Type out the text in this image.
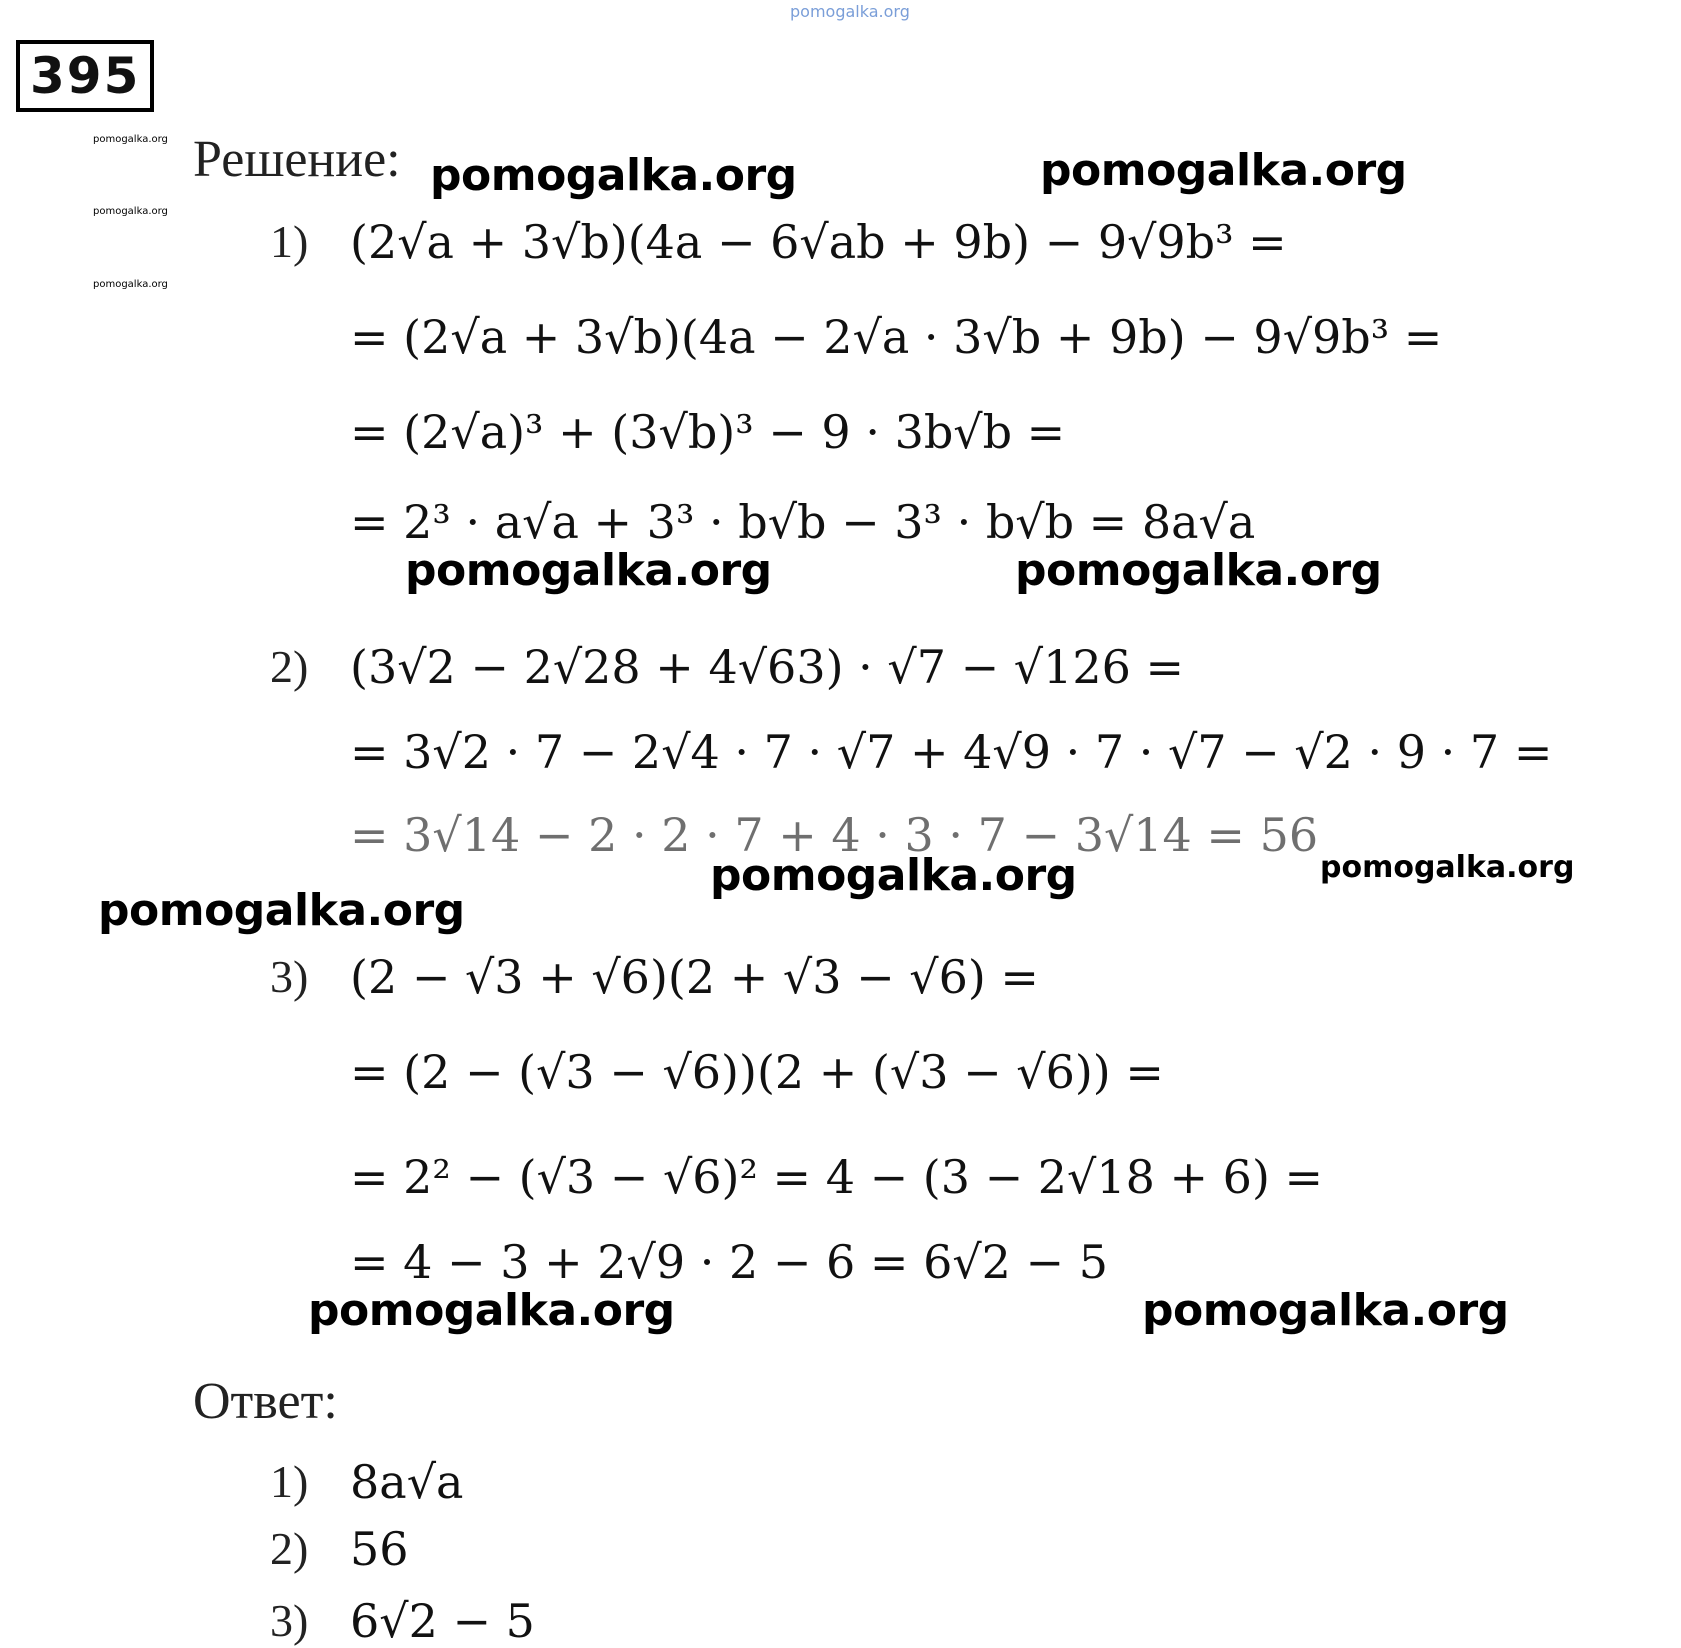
pomogalka.org
395
pomogalka.org
pomogalka.org
pomogalka.org
Решение:
1) (2√a + 3√b)(4a − 6√ab + 9b) − 9√9b³ =
= (2√a + 3√b)(4a − 2√a · 3√b + 9b) − 9√9b³ =
= (2√a)³ + (3√b)³ − 9 · 3b√b =
= 2³ · a√a + 3³ · b√b − 3³ · b√b = 8a√a
2) (3√2 − 2√28 + 4√63) · √7 − √126 =
= 3√2 · 7 − 2√4 · 7 · √7 + 4√9 · 7 · √7 − √2 · 9 · 7 =
= 3√14 − 2 · 2 · 7 + 4 · 3 · 7 − 3√14 = 56
3) (2 − √3 + √6)(2 + √3 − √6) =
= (2 − (√3 − √6))(2 + (√3 − √6)) =
= 2² − (√3 − √6)² = 4 − (3 − 2√18 + 6) =
= 4 − 3 + 2√9 · 2 − 6 = 6√2 − 5
pomogalka.org	pomogalka.org
pomogalka.org	pomogalka.org
pomogalka.org	pomogalka.org
pomogalka.org
pomogalka.org	pomogalka.org
Ответ:
1) 8a√a
2) 56
3) 6√2 − 5
